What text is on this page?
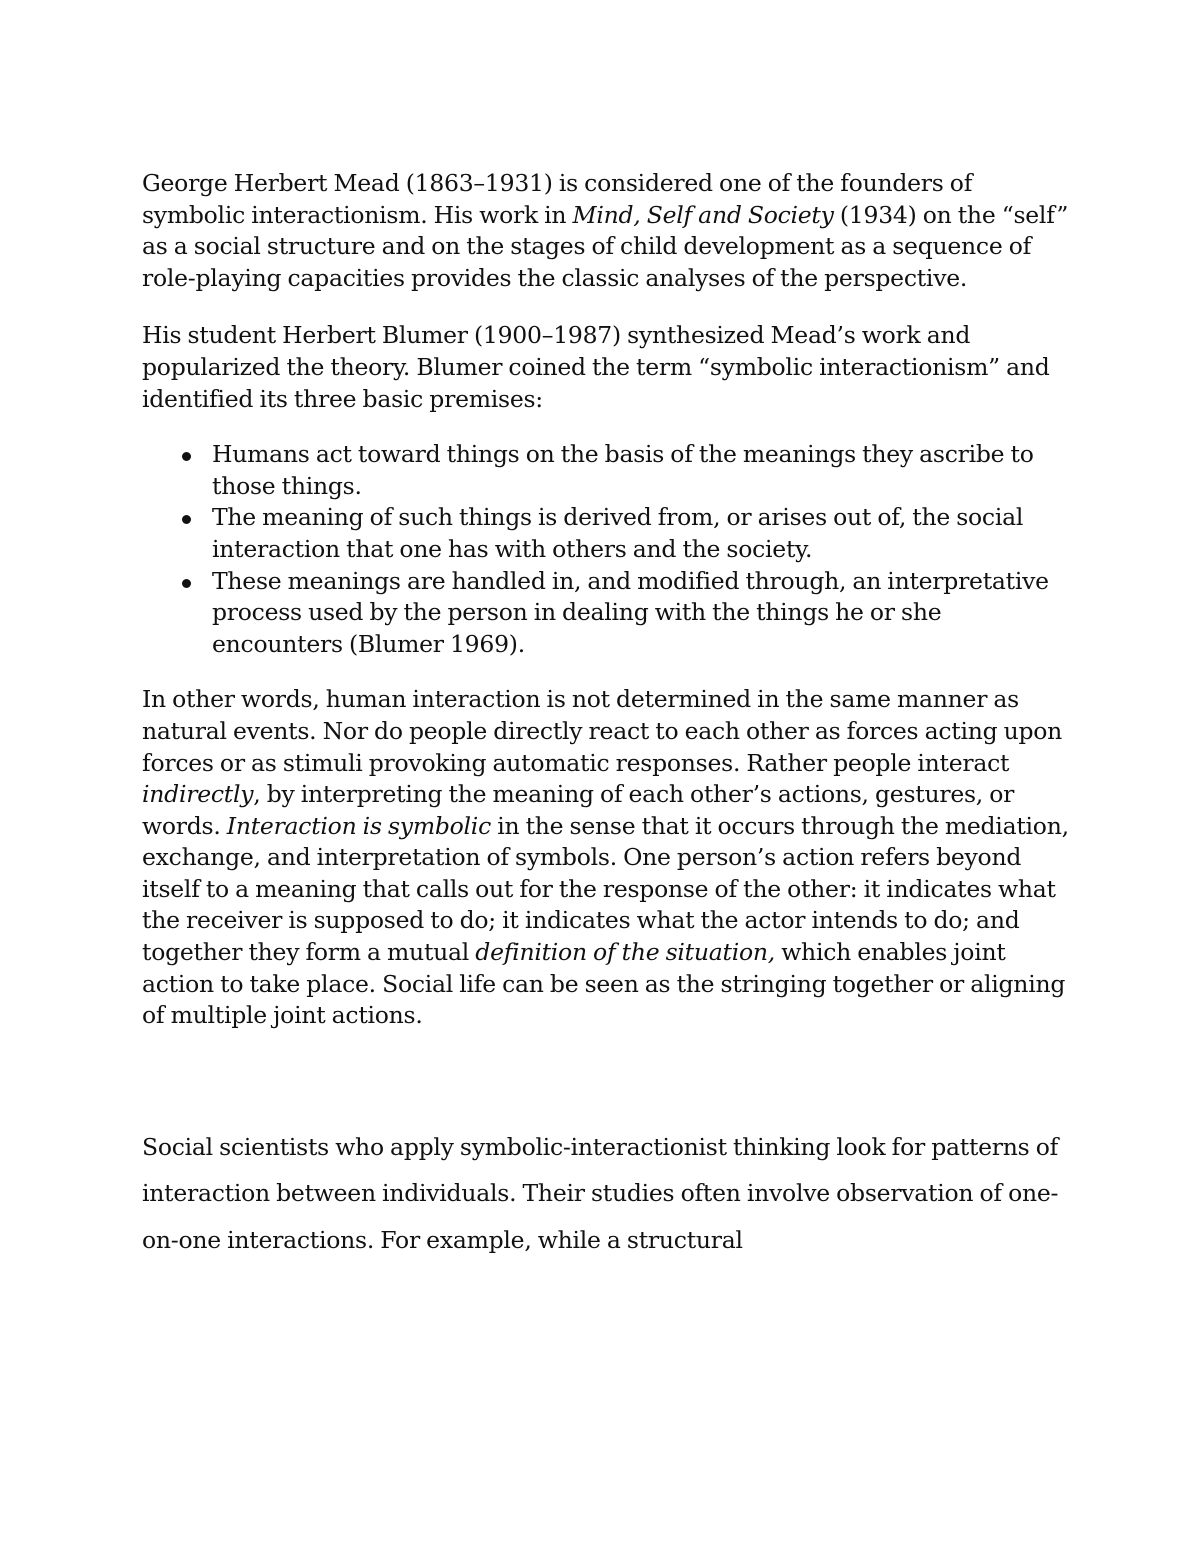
George Herbert Mead (1863–1931) is considered one of the founders of symbolic interactionism. His work in Mind, Self and Society (1934) on the “self” as a social structure and on the stages of child development as a sequence of role-playing capacities provides the classic analyses of the perspective.

His student Herbert Blumer (1900–1987) synthesized Mead’s work and popularized the theory. Blumer coined the term “symbolic interactionism” and identified its three basic premises:

Humans act toward things on the basis of the meanings they ascribe to those things.
The meaning of such things is derived from, or arises out of, the social interaction that one has with others and the society.
These meanings are handled in, and modified through, an interpretative process used by the person in dealing with the things he or she encounters (Blumer 1969).

In other words, human interaction is not determined in the same manner as natural events. Nor do people directly react to each other as forces acting upon forces or as stimuli provoking automatic responses. Rather people interact indirectly, by interpreting the meaning of each other’s actions, gestures, or words. Interaction is symbolic in the sense that it occurs through the mediation, exchange, and interpretation of symbols. One person’s action refers beyond itself to a meaning that calls out for the response of the other: it indicates what the receiver is supposed to do; it indicates what the actor intends to do; and together they form a mutual definition of the situation, which enables joint action to take place. Social life can be seen as the stringing together or aligning of multiple joint actions.

Social scientists who apply symbolic-interactionist thinking look for patterns of interaction between individuals. Their studies often involve observation of one-on-one interactions. For example, while a structural
